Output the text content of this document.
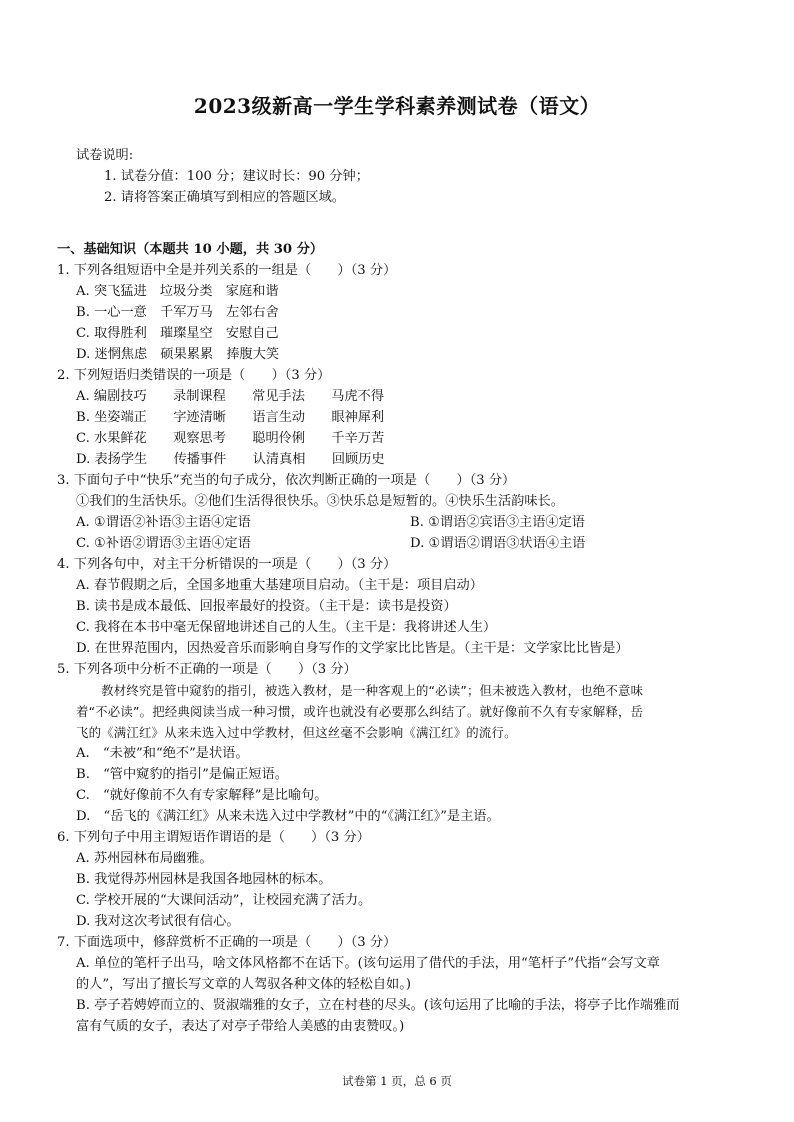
2023级新高一学生学科素养测试卷（语文）
试卷说明:
1. 试卷分值：100 分；建议时长：90 分钟；
2. 请将答案正确填写到相应的答题区域。
一、基础知识（本题共 10 小题，共 30 分）
1. 下列各组短语中全是并列关系的一组是（　　）（3 分）
A. 突飞猛进　垃圾分类　家庭和谐
B. 一心一意　千军万马　左邻右舍
C. 取得胜利　璀璨星空　安慰自己
D. 迷惘焦虑　硕果累累　捧腹大笑
2. 下列短语归类错误的一项是（　　）（3 分）
A. 编剧技巧　　录制课程　　常见手法　　马虎不得
B. 坐姿端正　　字迹清晰　　语言生动　　眼神犀利
C. 水果鲜花　　观察思考　　聪明伶俐　　千辛万苦
D. 表扬学生　　传播事件　　认清真相　　回顾历史
3. 下面句子中“快乐”充当的句子成分，依次判断正确的一项是（　　）（3 分）
①我们的生活快乐。②他们生活得很快乐。③快乐总是短暂的。④快乐生活韵味长。
A. ①谓语②补语③主语④定语	B. ①谓语②宾语③主语④定语
C. ①补语②谓语③主语④定语	D. ①谓语②谓语③状语④主语
4. 下列各句中，对主干分析错误的一项是（　　）（3 分）
A. 春节假期之后，全国多地重大基建项目启动。（主干是：项目启动）
B. 读书是成本最低、回报率最好的投资。（主干是：读书是投资）
C. 我将在本书中毫无保留地讲述自己的人生。（主干是：我将讲述人生）
D. 在世界范围内，因热爱音乐而影响自身写作的文学家比比皆是。（主干是：文学家比比皆是）
5. 下列各项中分析不正确的一项是（　　）（3 分）
　　教材终究是管中窥豹的指引，被选入教材，是一种客观上的“必读”；但未被选入教材，也绝不意味
着“不必读”。把经典阅读当成一种习惯，或许也就没有必要那么纠结了。就好像前不久有专家解释，岳
飞的《满江红》从来未选入过中学教材，但这丝毫不会影响《满江红》的流行。
A.　“未被”和“绝不”是状语。
B.　“管中窥豹的指引”是偏正短语。
C.　“就好像前不久有专家解释”是比喻句。
D.　“岳飞的《满江红》从来未选入过中学教材”中的“《满江红》”是主语。
6. 下列句子中用主谓短语作谓语的是（　　）（3 分）
A. 苏州园林布局幽雅。
B. 我觉得苏州园林是我国各地园林的标本。
C. 学校开展的“大课间活动”，让校园充满了活力。
D. 我对这次考试很有信心。
7. 下面选项中，修辞赏析不正确的一项是（　　）（3 分）
A. 单位的笔杆子出马，啥文体风格都不在话下。(该句运用了借代的手法，用“笔杆子”代指“会写文章
的人”，写出了擅长写文章的人驾驭各种文体的轻松自如。)
B. 亭子若娉婷而立的、贤淑端雅的女子，立在村巷的尽头。(该句运用了比喻的手法，将亭子比作端雅而
富有气质的女子，表达了对亭子带给人美感的由衷赞叹。)
试卷第 1 页，总 6 页
